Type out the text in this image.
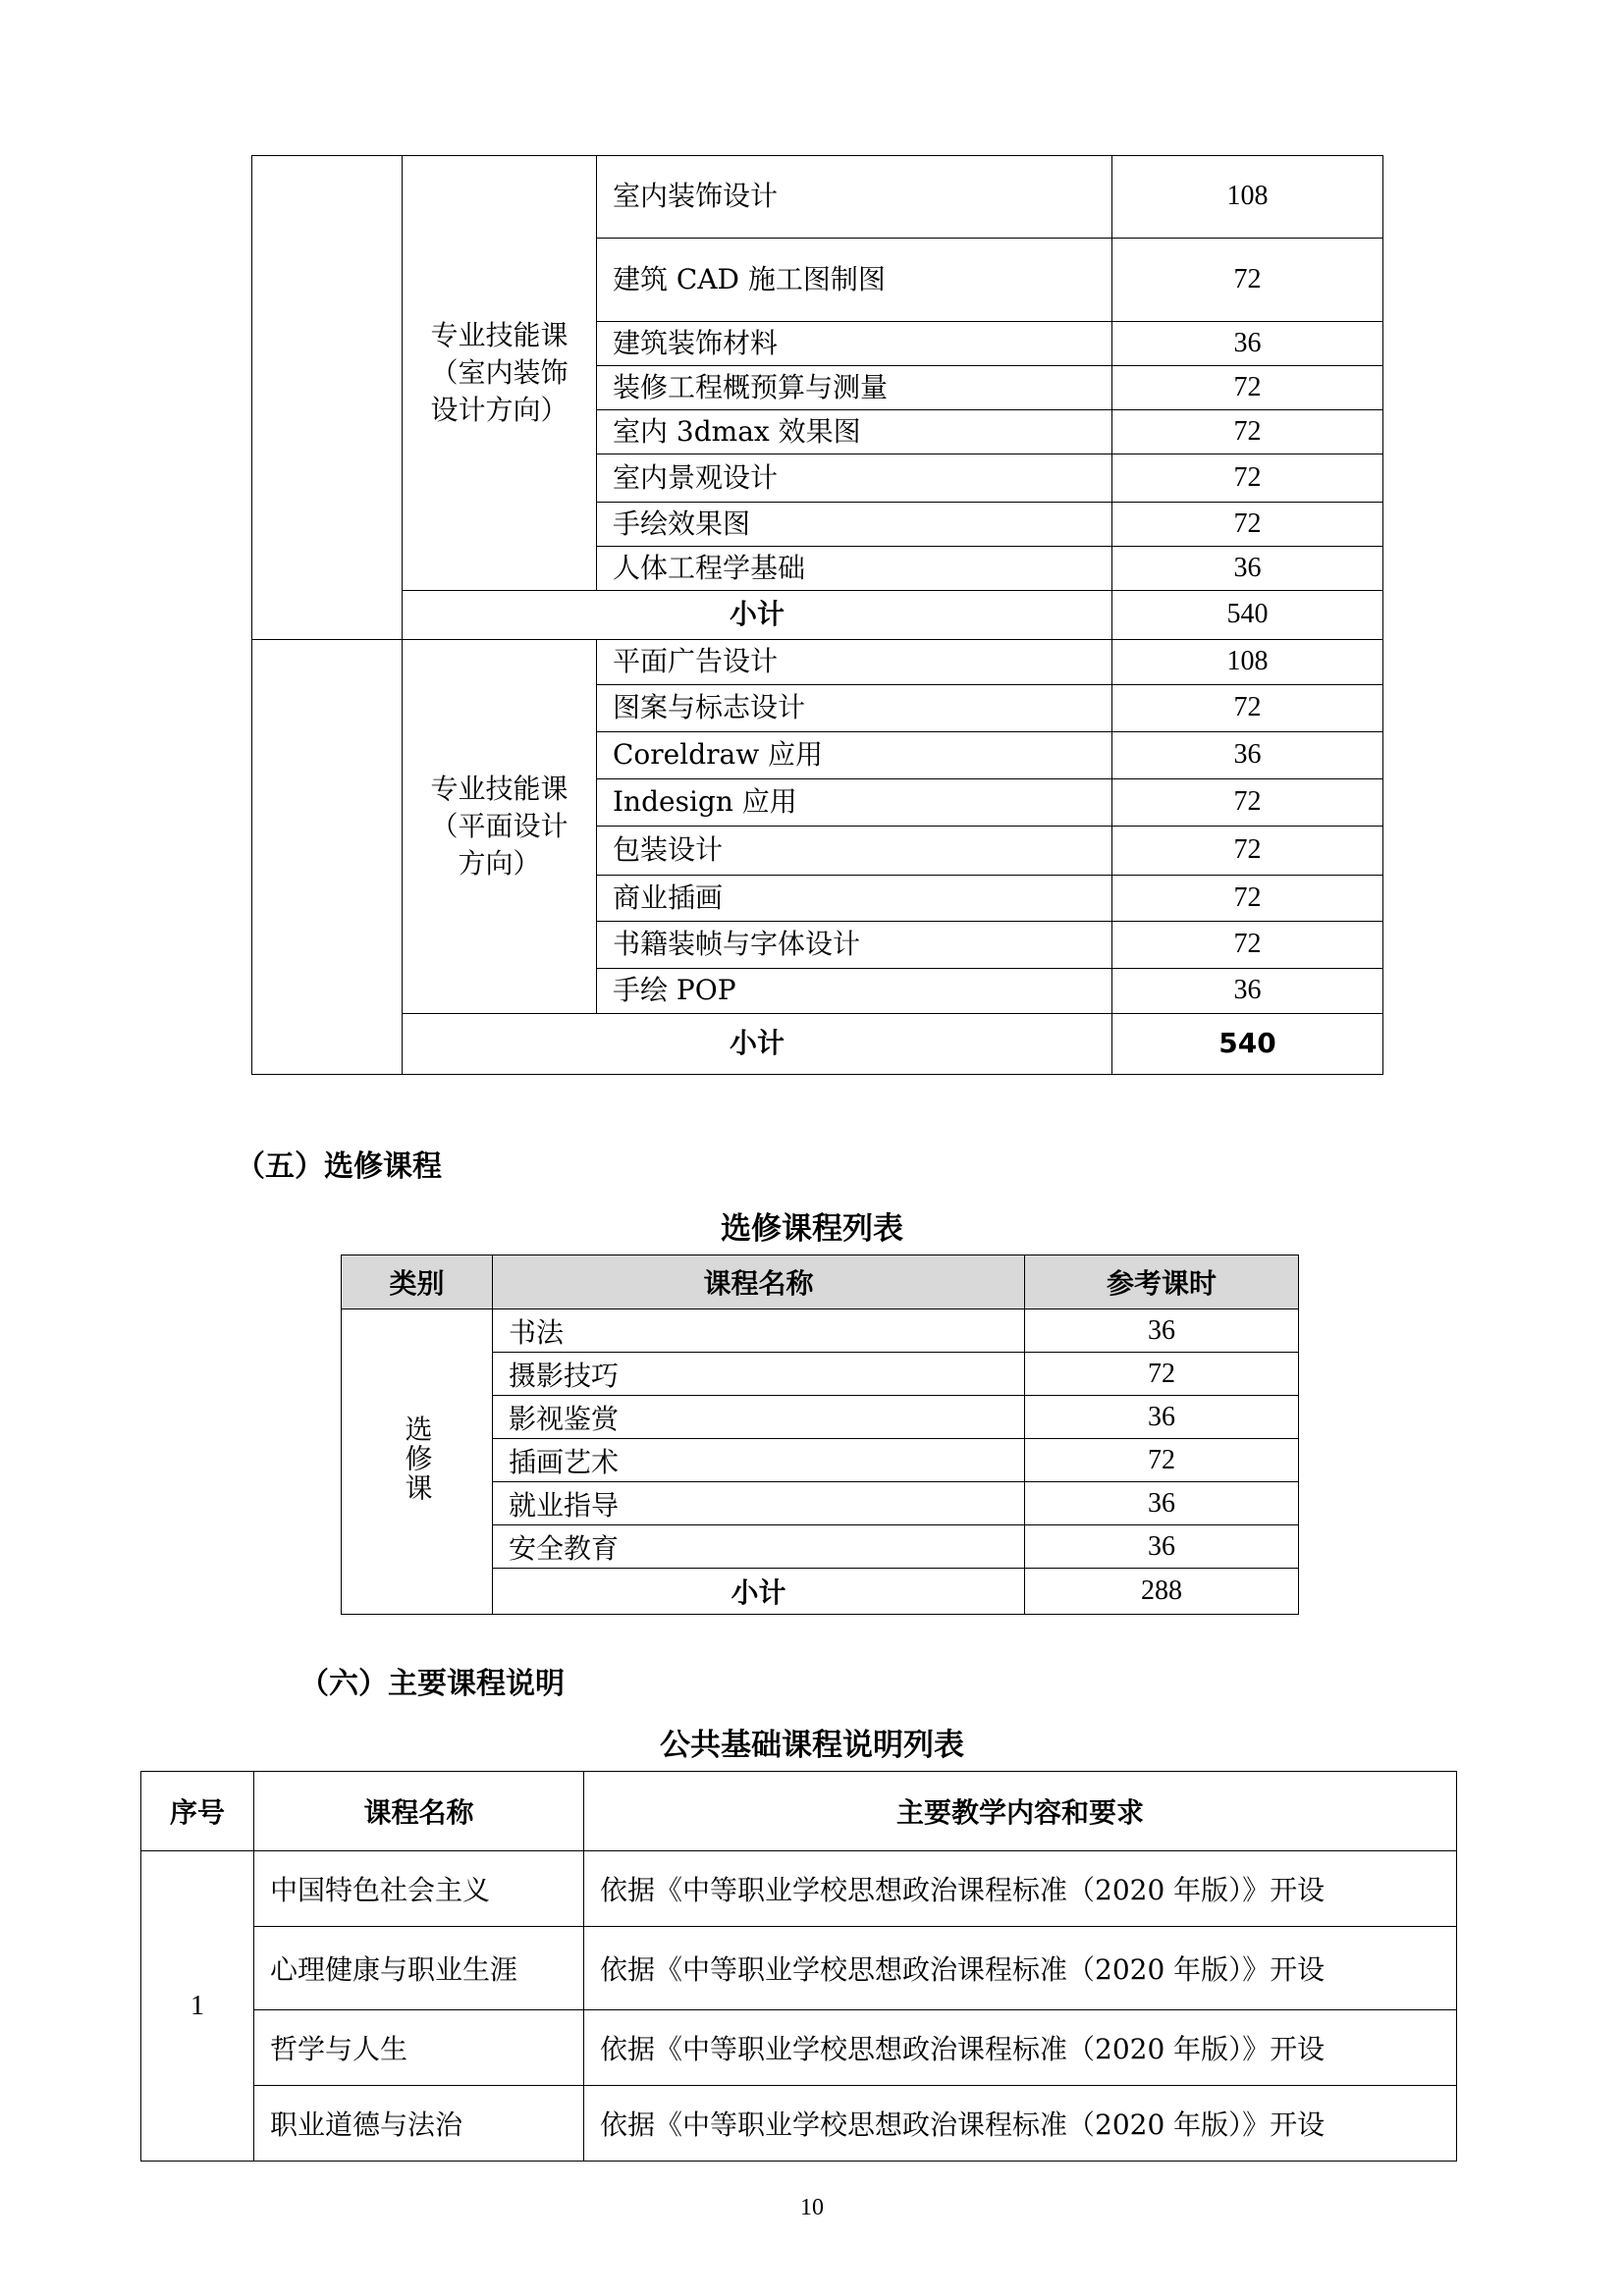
	专业技能课（室内装饰设计方向）	室内装饰设计	108
		建筑 CAD 施工图制图	72
		建筑装饰材料	36
		装修工程概预算与测量	72
		室内 3dmax 效果图	72
		室内景观设计	72
		手绘效果图	72
		人体工程学基础	36
	小计		540
	专业技能课（平面设计方向）	平面广告设计	108
		图案与标志设计	72
		Coreldraw 应用	36
		Indesign 应用	72
		包装设计	72
		商业插画	72
		书籍装帧与字体设计	72
		手绘 POP	36
	小计		540
（五）选修课程
选修课程列表
类别	课程名称	参考课时
选修课	书法	36
	摄影技巧	72
	影视鉴赏	36
	插画艺术	72
	就业指导	36
	安全教育	36
	小计	288
（六）主要课程说明
公共基础课程说明列表
序号	课程名称	主要教学内容和要求
1	中国特色社会主义	依据《中等职业学校思想政治课程标准（2020 年版）》开设
	心理健康与职业生涯	依据《中等职业学校思想政治课程标准（2020 年版）》开设
	哲学与人生	依据《中等职业学校思想政治课程标准（2020 年版）》开设
	职业道德与法治	依据《中等职业学校思想政治课程标准（2020 年版）》开设
10
